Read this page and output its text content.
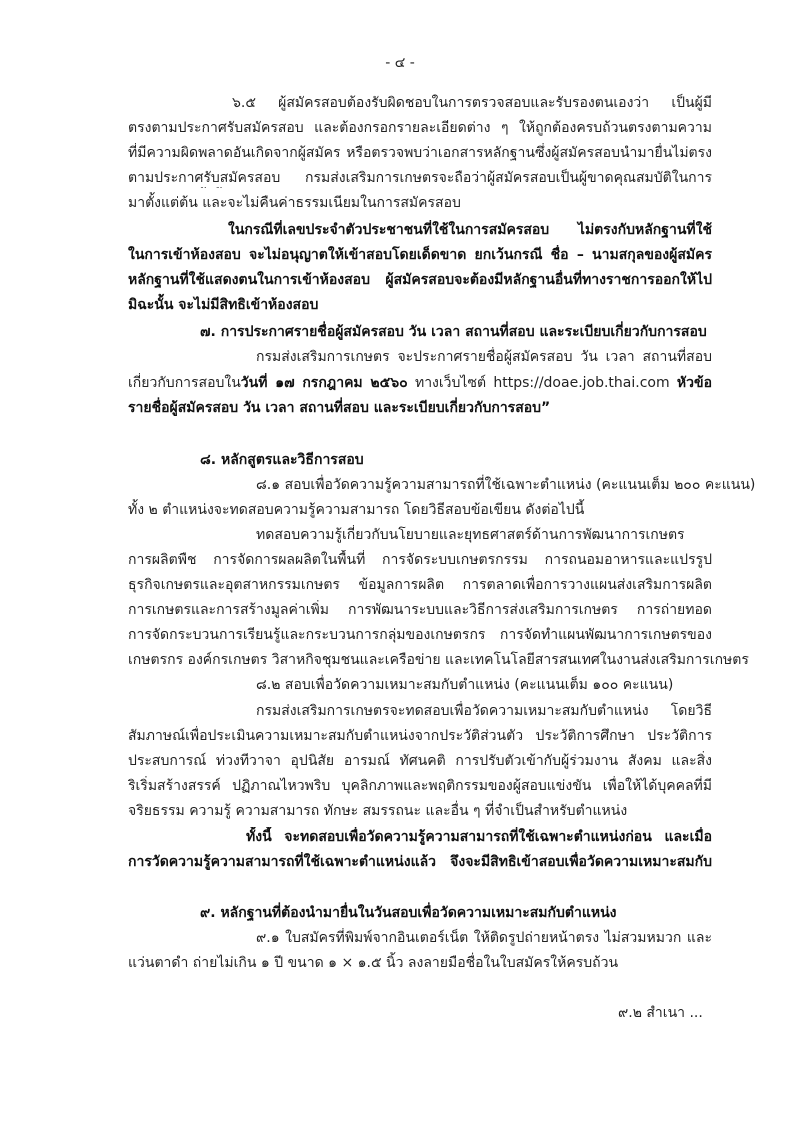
- ๔ -
๖.๕ ผู้สมัครสอบต้องรับผิดชอบในการตรวจสอบและรับรองตนเองว่า เป็นผู้มี
ตรงตามประกาศรับสมัครสอบ และต้องกรอกรายละเอียดต่าง ๆ ให้ถูกต้องครบถ้วนตรงตามความ
ที่มีความผิดพลาดอันเกิดจากผู้สมัคร หรือตรวจพบว่าเอกสารหลักฐานซึ่งผู้สมัครสอบนำมายื่นไม่ตรง
ตามประกาศรับสมัครสอบ กรมส่งเสริมการเกษตรจะถือว่าผู้สมัครสอบเป็นผู้ขาดคุณสมบัติในการ
มาตั้งแต่ต้น และจะไม่คืนค่าธรรมเนียมในการสมัครสอบ
ในกรณีที่เลขประจำตัวประชาชนที่ใช้ในการสมัครสอบ ไม่ตรงกับหลักฐานที่ใช้
ในการเข้าห้องสอบ จะไม่อนุญาตให้เข้าสอบโดยเด็ดขาด ยกเว้นกรณี ชื่อ – นามสกุลของผู้สมัคร
หลักฐานที่ใช้แสดงตนในการเข้าห้องสอบ ผู้สมัครสอบจะต้องมีหลักฐานอื่นที่ทางราชการออกให้ไป
มิฉะนั้น จะไม่มีสิทธิเข้าห้องสอบ
๗. การประกาศรายชื่อผู้สมัครสอบ วัน เวลา สถานที่สอบ และระเบียบเกี่ยวกับการสอบ
กรมส่งเสริมการเกษตร จะประกาศรายชื่อผู้สมัครสอบ วัน เวลา สถานที่สอบ
เกี่ยวกับการสอบในวันที่ ๑๗ กรกฎาคม ๒๕๖๐ ทางเว็บไซต์ https://doae.job.thai.com หัวข้อ
รายชื่อผู้สมัครสอบ วัน เวลา สถานที่สอบ และระเบียบเกี่ยวกับการสอบ”
๘. หลักสูตรและวิธีการสอบ
๘.๑ สอบเพื่อวัดความรู้ความสามารถที่ใช้เฉพาะตำแหน่ง (คะแนนเต็ม ๒๐๐ คะแนน)
ทั้ง ๒ ตำแหน่งจะทดสอบความรู้ความสามารถ โดยวิธีสอบข้อเขียน ดังต่อไปนี้
ทดสอบความรู้เกี่ยวกับนโยบายและยุทธศาสตร์ด้านการพัฒนาการเกษตร
การผลิตพืช การจัดการผลผลิตในพื้นที่ การจัดระบบเกษตรกรรม การถนอมอาหารและแปรรูป
ธุรกิจเกษตรและอุตสาหกรรมเกษตร ข้อมูลการผลิต การตลาดเพื่อการวางแผนส่งเสริมการผลิต
การเกษตรและการสร้างมูลค่าเพิ่ม การพัฒนาระบบและวิธีการส่งเสริมการเกษตร การถ่ายทอด
การจัดกระบวนการเรียนรู้และกระบวนการกลุ่มของเกษตรกร การจัดทำแผนพัฒนาการเกษตรของ
เกษตรกร องค์กรเกษตร วิสาหกิจชุมชนและเครือข่าย และเทคโนโลยีสารสนเทศในงานส่งเสริมการเกษตร
๘.๒ สอบเพื่อวัดความเหมาะสมกับตำแหน่ง (คะแนนเต็ม ๑๐๐ คะแนน)
กรมส่งเสริมการเกษตรจะทดสอบเพื่อวัดความเหมาะสมกับตำแหน่ง โดยวิธี
สัมภาษณ์เพื่อประเมินความเหมาะสมกับตำแหน่งจากประวัติส่วนตัว ประวัติการศึกษา ประวัติการ
ประสบการณ์ ท่วงทีวาจา อุปนิสัย อารมณ์ ทัศนคติ การปรับตัวเข้ากับผู้ร่วมงาน สังคม และสิ่ง
ริเริ่มสร้างสรรค์ ปฏิภาณไหวพริบ บุคลิกภาพและพฤติกรรมของผู้สอบแข่งขัน เพื่อให้ได้บุคคลที่มี
จริยธรรม ความรู้ ความสามารถ ทักษะ สมรรถนะ และอื่น ๆ ที่จำเป็นสำหรับตำแหน่ง
ทั้งนี้ จะทดสอบเพื่อวัดความรู้ความสามารถที่ใช้เฉพาะตำแหน่งก่อน และเมื่อ
การวัดความรู้ความสามารถที่ใช้เฉพาะตำแหน่งแล้ว จึงจะมีสิทธิเข้าสอบเพื่อวัดความเหมาะสมกับ
๙. หลักฐานที่ต้องนำมายื่นในวันสอบเพื่อวัดความเหมาะสมกับตำแหน่ง
๙.๑ ใบสมัครที่พิมพ์จากอินเตอร์เน็ต ให้ติดรูปถ่ายหน้าตรง ไม่สวมหมวก และ
แว่นตาดำ ถ่ายไม่เกิน ๑ ปี ขนาด ๑ × ๑.๕ นิ้ว ลงลายมือชื่อในใบสมัครให้ครบถ้วน
๙.๒ สำเนา ...
